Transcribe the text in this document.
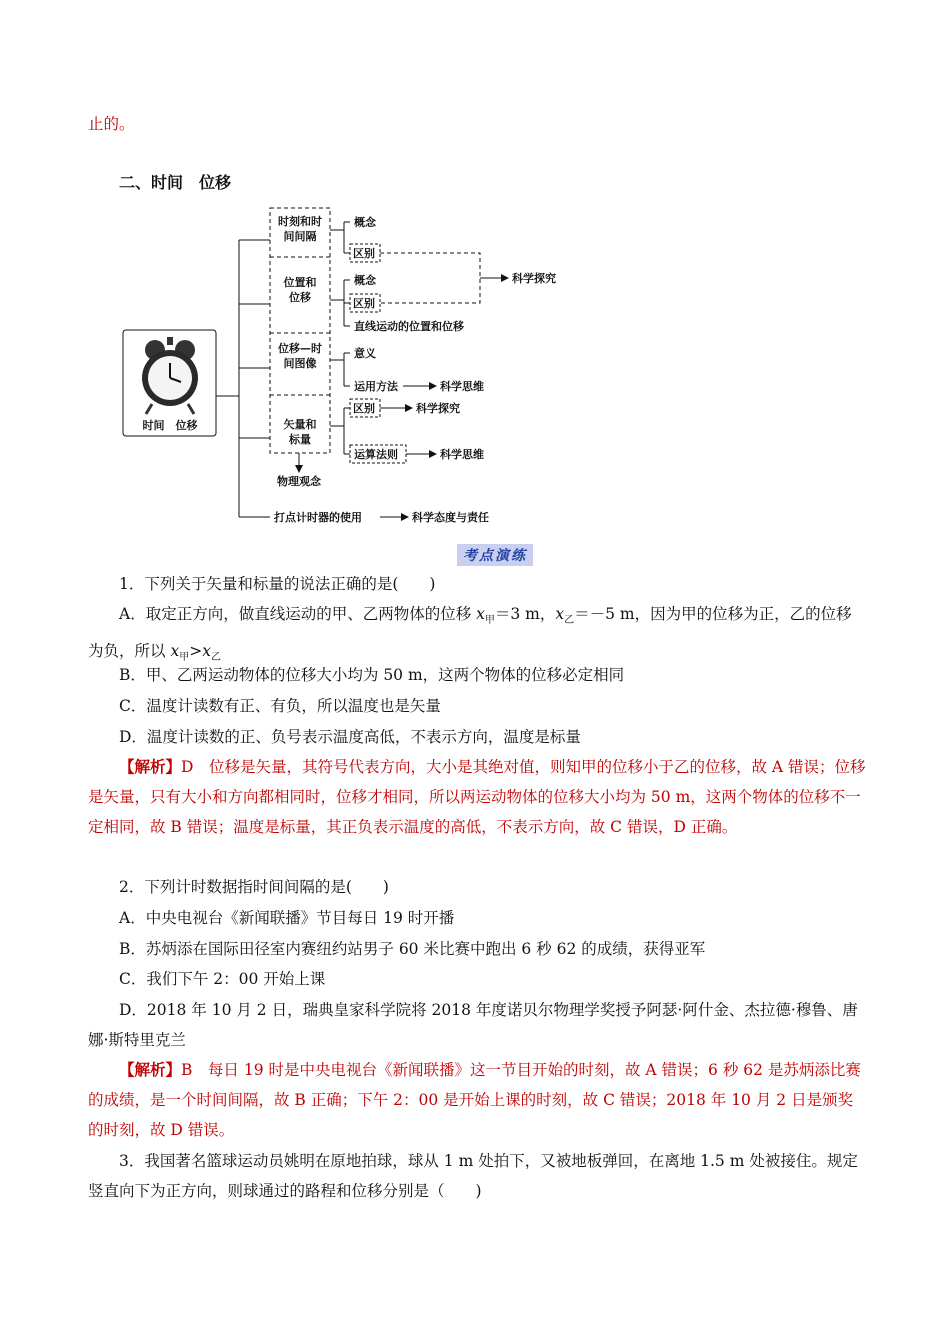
止的。
二、时间　位移
时间　位移
时刻和时
间间隔
位置和
位移
位移—时
间图像
矢量和
标量
概念
区别
概念
区别
科学探究
直线运动的位置和位移
意义
运用方法	科学思维
区别	科学探究
运算法则	科学思维
物理观念
打点计时器的使用	科学态度与责任
考点演练

1．下列关于矢量和标量的说法正确的是(　　)

A．取定正方向，做直线运动的甲、乙两物体的位移 $x_甲=3$ m，$x_乙=-5$ m，因为甲的位移为正，乙的位移为负，所以 $x_甲>x_乙$

B．甲、乙两运动物体的位移大小均为 50 m，这两个物体的位移必定相同

C．温度计读数有正、有负，所以温度也是矢量

D．温度计读数的正、负号表示温度高低，不表示方向，温度是标量

【解析】D　位移是矢量，其符号代表方向，大小是其绝对值，则知甲的位移小于乙的位移，故 A 错误；位移是矢量，只有大小和方向都相同时，位移才相同，所以两运动物体的位移大小均为 50 m，这两个物体的位移不一定相同，故 B 错误；温度是标量，其正负表示温度的高低，不表示方向，故 C 错误，D 正确。

2．下列计时数据指时间间隔的是(　　)

A．中央电视台《新闻联播》节目每日 19 时开播

B．苏炳添在国际田径室内赛纽约站男子 60 米比赛中跑出 6 秒 62 的成绩，获得亚军

C．我们下午 2：00 开始上课

D．2018 年 10 月 2 日，瑞典皇家科学院将 2018 年度诺贝尔物理学奖授予阿瑟·阿什金、杰拉德·穆鲁、唐娜·斯特里克兰

【解析】B　每日 19 时是中央电视台《新闻联播》这一节目开始的时刻，故 A 错误；6 秒 62 是苏炳添比赛的成绩，是一个时间间隔，故 B 正确；下午 2：00 是开始上课的时刻，故 C 错误；2018 年 10 月 2 日是颁奖的时刻，故 D 错误。

3．我国著名篮球运动员姚明在原地拍球，球从 1 m 处拍下，又被地板弹回，在离地 1.5 m 处被接住。规定竖直向下为正方向，则球通过的路程和位移分别是（　　)
